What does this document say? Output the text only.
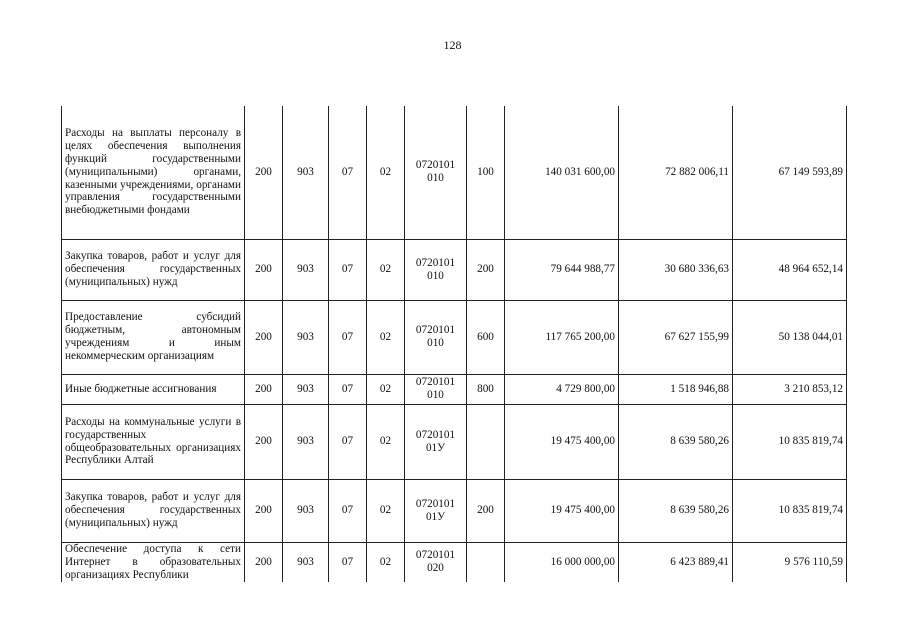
128
Расходы на выплаты персоналу в целях обеспечения выполнения функций государственными (муниципальными) органами, казенными учреждениями, органами управления государственными внебюджетными фондами	200	903	07	02	0720101 010	100	140 031 600,00	72 882 006,11	67 149 593,89
Закупка товаров, работ и услуг для обеспечения государственных (муниципальных) нужд	200	903	07	02	0720101 010	200	79 644 988,77	30 680 336,63	48 964 652,14
Предоставление субсидий бюджетным, автономным учреждениям и иным некоммерческим организациям	200	903	07	02	0720101 010	600	117 765 200,00	67 627 155,99	50 138 044,01
Иные бюджетные ассигнования	200	903	07	02	0720101 010	800	4 729 800,00	1 518 946,88	3 210 853,12
Расходы на коммунальные услуги в государственных общеобразовательных организациях Республики Алтай	200	903	07	02	0720101 01У		19 475 400,00	8 639 580,26	10 835 819,74
Закупка товаров, работ и услуг для обеспечения государственных (муниципальных) нужд	200	903	07	02	0720101 01У	200	19 475 400,00	8 639 580,26	10 835 819,74
Обеспечение доступа к сети Интернет в образовательных организациях Республики	200	903	07	02	0720101 020		16 000 000,00	6 423 889,41	9 576 110,59
